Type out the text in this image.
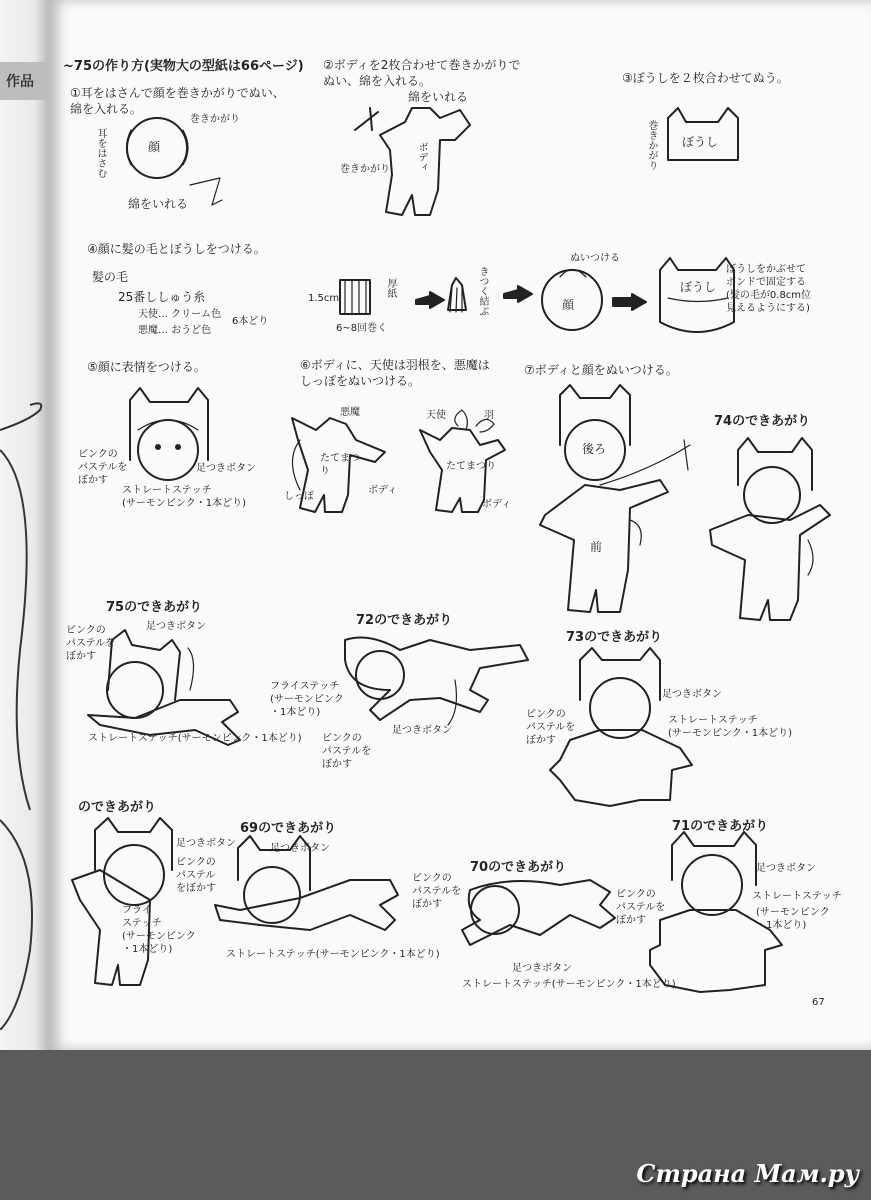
作品
~75の作り方(実物大の型紙は66ページ)
①耳をはさんで顔を巻きかがりでぬい、
綿を入れる。
耳をはさむ
巻きかがり
顔
綿をいれる
②ボディを2枚合わせて巻きかがりで
ぬい、綿を入れる。
綿をいれる
ボディ
巻きかがり
③ぼうしを２枚合わせてぬう。
巻きかがり ぼうし
④顔に髪の毛とぼうしをつける。
髪の毛
25番ししゅう糸
天使… クリーム色
悪魔… おうど色
6本どり
1.5cm
厚紙
6~8回巻く
きつく結ぶ
ぬいつける
顔
ぼうし
ぼうしをかぶせて
ボンドで固定する
(髪の毛が0.8cm位
見えるようにする)
⑤顔に表情をつける。
ピンクの
パステルを
ぼかす
足つきボタン
ストレートステッチ
(サーモンピンク・1本どり)
⑥ボディに、天使は羽根を、悪魔は
しっぽをぬいつける。
悪魔	天使	羽
たてまつり	たてまつり
しっぽ
ボディ
ボディ
⑦ボディと顔をぬいつける。
後ろ
前
74のできあがり
75のできあがり
ピンクの
パステルを
ぼかす
足つきボタン
ストレートステッチ(サーモンピンク・1本どり)
72のできあがり
フライステッチ
(サーモンピンク
・1本どり)
ピンクの
パステルを
ぼかす
足つきボタン
73のできあがり
足つきボタン
ピンクの
パステルを
ぼかす
ストレートステッチ
(サーモンピンク・1本どり)
のできあがり
足つきボタン
ピンクの
パステル
をぼかす
フライ
ステッチ
(サーモンピンク
・1本どり)
69のできあがり
足つきボタン
ストレートステッチ(サーモンピンク・1本どり)
70のできあがり
ピンクの
パステルを
ぼかす
足つきボタン
ストレートステッチ(サーモンピンク・1本どり)
71のできあがり
足つきボタン
ピンクの
パステルを
ぼかす
ストレートステッチ
(サーモンピンク
・1本どり)
67
Страна Мам.ру
